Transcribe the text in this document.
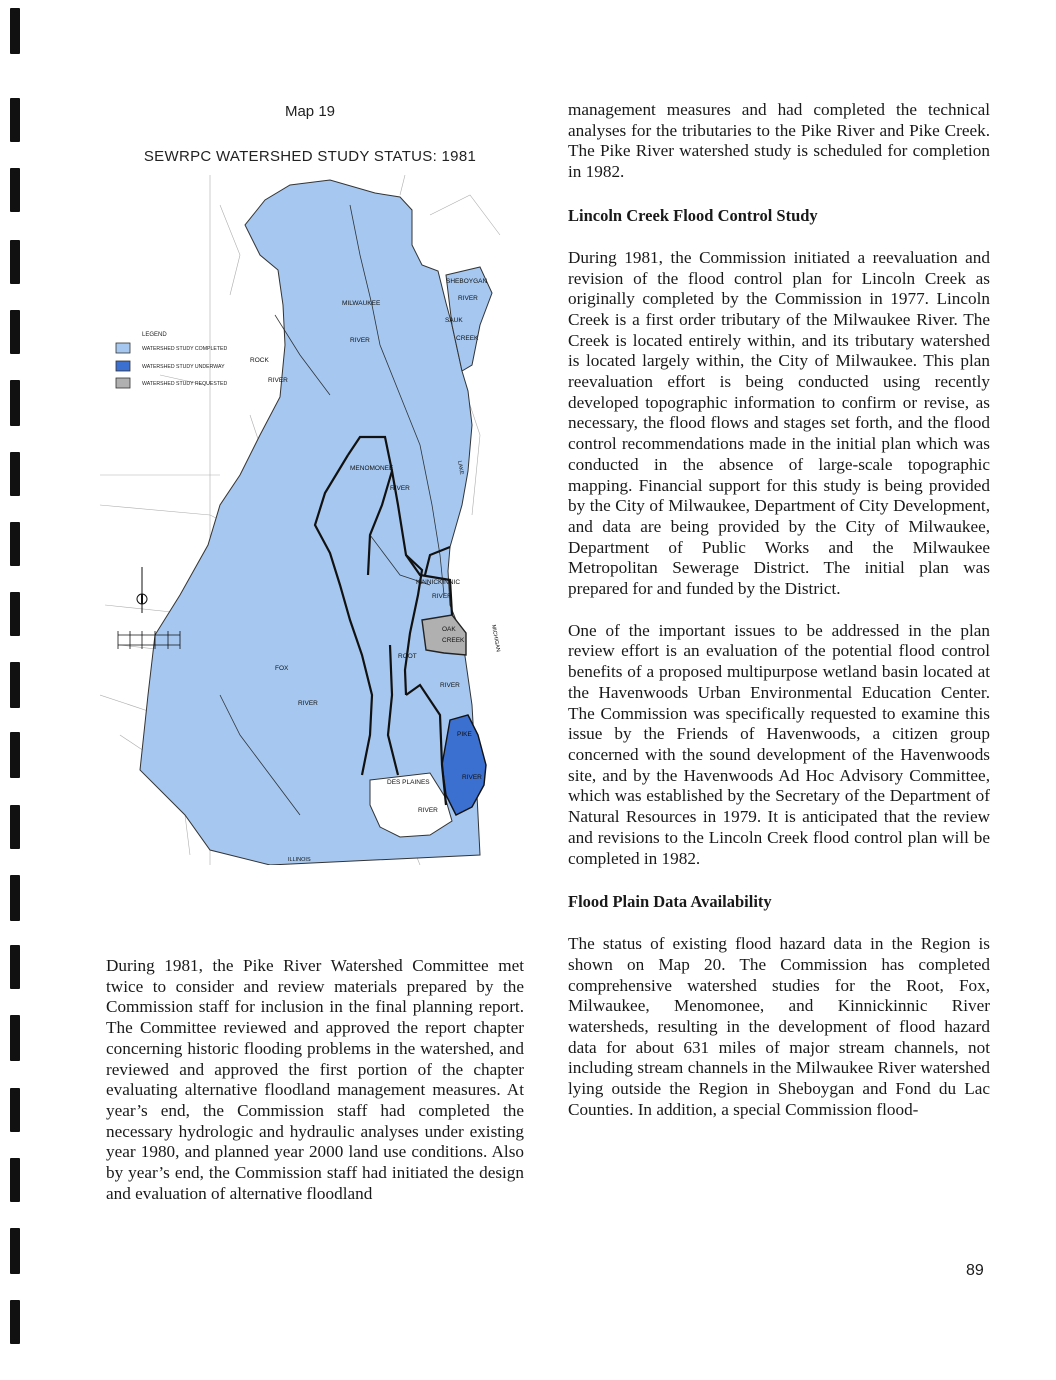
Map 19
SEWRPC WATERSHED STUDY STATUS: 1981
MILWAUKEE
RIVER
ROCK
RIVER
SHEBOYGAN
RIVER
SAUK
CREEK
MENOMONEE
RIVER
KINNICKINNIC
RIVER
OAK
CREEK
ROOT
RIVER
FOX
RIVER
PIKE
RIVER
DES PLAINES
RIVER
ILLINOIS
LAKE
MICHIGAN
LEGEND
WATERSHED STUDY COMPLETED
WATERSHED STUDY UNDERWAY
WATERSHED STUDY REQUESTED

During 1981, the Pike River Watershed Committee met twice to consider and review materials prepared by the Commission staff for inclusion in the final planning report. The Committee reviewed and approved the report chapter concerning historic flooding problems in the watershed, and reviewed and approved the first portion of the chapter evaluating alternative floodland management measures. At year’s end, the Commission staff had completed the necessary hydrologic and hydraulic analyses under existing year 1980, and planned year 2000 land use conditions. Also by year’s end, the Commission staff had initiated the design and evaluation of alternative floodland

management measures and had completed the technical analyses for the tributaries to the Pike River and Pike Creek. The Pike River watershed study is scheduled for completion in 1982.

Lincoln Creek Flood Control Study

During 1981, the Commission initiated a reevaluation and revision of the flood control plan for Lincoln Creek as originally completed by the Commission in 1977. Lincoln Creek is a first order tributary of the Milwaukee River. The Creek is located entirely within, and its tributary watershed is located largely within, the City of Milwaukee. This plan reevaluation effort is being conducted using recently developed topographic information to confirm or revise, as necessary, the flood flows and stages set forth, and the flood control recommendations made in the initial plan which was conducted in the absence of large-scale topographic mapping. Financial support for this study is being provided by the City of Milwaukee, Department of City Development, and data are being provided by the City of Milwaukee, Department of Public Works and the Milwaukee Metropolitan Sewerage District. The initial plan was prepared for and funded by the District.

One of the important issues to be addressed in the plan review effort is an evaluation of the potential flood control benefits of a proposed multipurpose wetland basin located at the Havenwoods Urban Environmental Education Center. The Commission was specifically requested to examine this issue by the Friends of Havenwoods, a citizen group concerned with the sound development of the Havenwoods site, and by the Havenwoods Ad Hoc Advisory Committee, which was established by the Secretary of the Department of Natural Resources in 1979. It is anticipated that the review and revisions to the Lincoln Creek flood control plan will be completed in 1982.

Flood Plain Data Availability

The status of existing flood hazard data in the Region is shown on Map 20. The Commission has completed comprehensive watershed studies for the Root, Fox, Milwaukee, Menomonee, and Kinnickinnic River watersheds, resulting in the development of flood hazard data for about 631 miles of major stream channels, not including stream channels in the Milwaukee River watershed lying outside the Region in Sheboygan and Fond du Lac Counties. In addition, a special Commission flood-

89
